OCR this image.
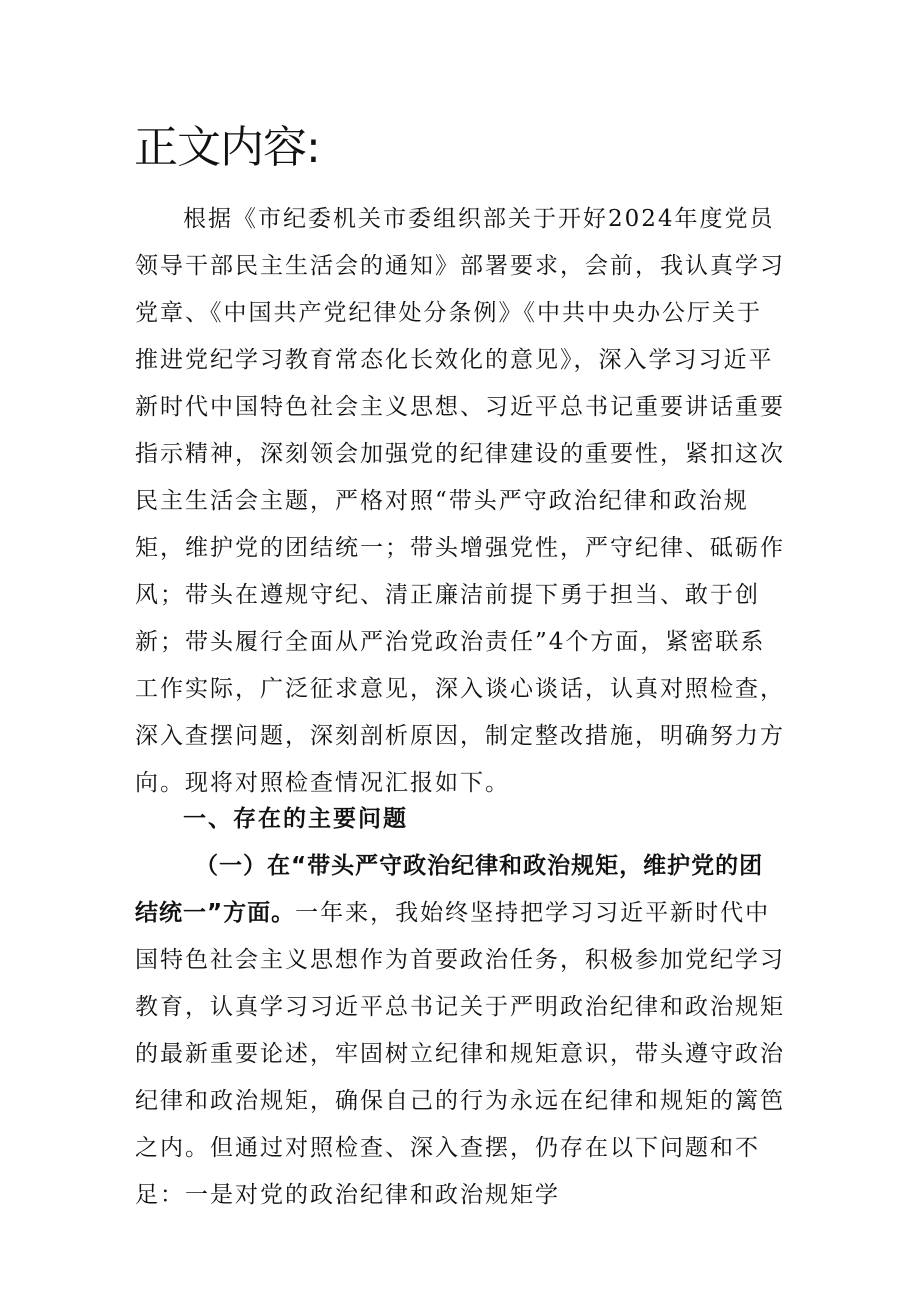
正文内容:
根据《市纪委机关市委组织部关于开好2024年度党员领导干部民主生活会的通知》部署要求，会前，我认真学习党章、《中国共产党纪律处分条例》《中共中央办公厅关于推进党纪学习教育常态化长效化的意见》，深入学习习近平新时代中国特色社会主义思想、习近平总书记重要讲话重要指示精神，深刻领会加强党的纪律建设的重要性，紧扣这次民主生活会主题，严格对照“带头严守政治纪律和政治规矩，维护党的团结统一；带头增强党性，严守纪律、砥砺作风；带头在遵规守纪、清正廉洁前提下勇于担当、敢于创新；带头履行全面从严治党政治责任”4个方面，紧密联系工作实际，广泛征求意见，深入谈心谈话，认真对照检查，深入查摆问题，深刻剖析原因，制定整改措施，明确努力方向。现将对照检查情况汇报如下。
一、存在的主要问题
（一）在“带头严守政治纪律和政治规矩，维护党的团结统一”方面。一年来，我始终坚持把学习习近平新时代中国特色社会主义思想作为首要政治任务，积极参加党纪学习教育，认真学习习近平总书记关于严明政治纪律和政治规矩的最新重要论述，牢固树立纪律和规矩意识，带头遵守政治纪律和政治规矩，确保自己的行为永远在纪律和规矩的篱笆之内。但通过对照检查、深入查摆，仍存在以下问题和不足：一是对党的政治纪律和政治规矩学
